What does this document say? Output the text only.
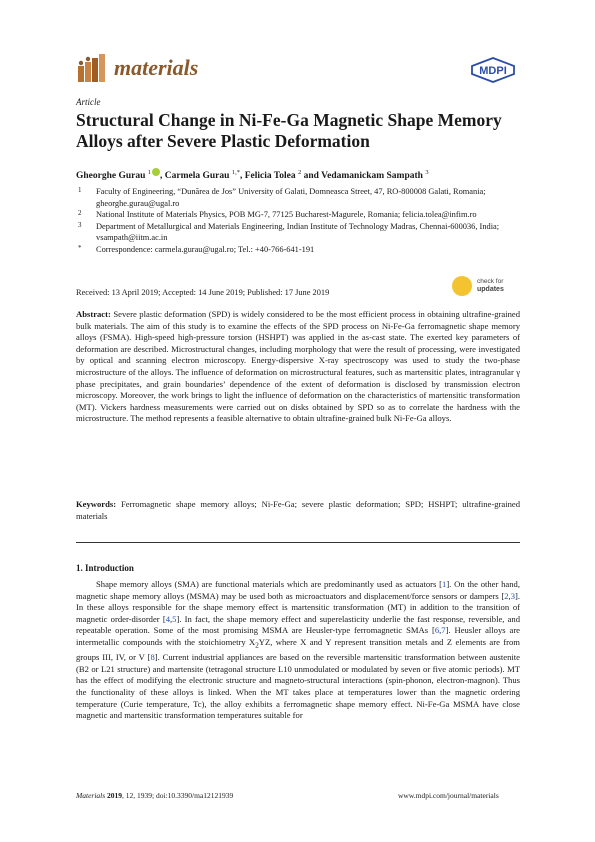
materials	MDPI
Article
Structural Change in Ni-Fe-Ga Magnetic Shape Memory Alloys after Severe Plastic Deformation
Gheorghe Gurau $^1$ , Carmela Gurau $^{1,*}$, Felicia Tolea $^2$ and Vedamanickam Sampath $^3$
1 Faculty of Engineering, “Dunărea de Jos” University of Galati, Domneasca Street, 47, RO-800008 Galati, Romania; gheorghe.gurau@ugal.ro
2 National Institute of Materials Physics, POB MG-7, 77125 Bucharest-Magurele, Romania; felicia.tolea@infim.ro
3 Department of Metallurgical and Materials Engineering, Indian Institute of Technology Madras, Chennai-600036, India; vsampath@iitm.ac.in
* Correspondence: carmela.gurau@ugal.ro; Tel.: +40-766-641-191
check for
updates
Received: 13 April 2019; Accepted: 14 June 2019; Published: 17 June 2019
Abstract: Severe plastic deformation (SPD) is widely considered to be the most efficient process in obtaining ultrafine-grained bulk materials. The aim of this study is to examine the effects of the SPD process on Ni-Fe-Ga ferromagnetic shape memory alloys (FSMA). High-speed high-pressure torsion (HSHPT) was applied in the as-cast state. The exerted key parameters of deformation are described. Microstructural changes, including morphology that were the result of processing, were investigated by optical and scanning electron microscopy. Energy-dispersive X-ray spectroscopy was used to study the two-phase microstructure of the alloys. The influence of deformation on microstructural features, such as martensitic plates, intragranular γ phase precipitates, and grain boundaries’ dependence of the extent of deformation is disclosed by transmission electron microscopy. Moreover, the work brings to light the influence of deformation on the characteristics of martensitic transformation (MT). Vickers hardness measurements were carried out on disks obtained by SPD so as to correlate the hardness with the microstructure. The method represents a feasible alternative to obtain ultrafine-grained bulk Ni-Fe-Ga alloys.
Keywords: Ferromagnetic shape memory alloys; Ni-Fe-Ga; severe plastic deformation; SPD; HSHPT; ultrafine-grained materials
1. Introduction
Shape memory alloys (SMA) are functional materials which are predominantly used as actuators [1]. On the other hand, magnetic shape memory alloys (MSMA) may be used both as microactuators and displacement/force sensors or dampers [2,3]. In these alloys responsible for the shape memory effect is martensitic transformation (MT) in addition to the transition of magnetic order-disorder [4,5]. In fact, the shape memory effect and superelasticity underlie the fast response, reversible, and repeatable operation. Some of the most promising MSMA are Heusler-type ferromagnetic SMAs [6,7]. Heusler alloys are intermetallic compounds with the stoichiometry $X_2YZ$, where X and Y represent transition metals and Z elements are from groups III, IV, or V [8]. Current industrial appliances are based on the reversible martensitic transformation between austenite (B2 or L21 structure) and martensite (tetragonal structure L10 unmodulated or modulated by seven or five atomic periods). MT has the effect of modifying the electronic structure and magneto-structural interactions (spin-phonon, electron-magnon). Thus the functionality of these alloys is linked. When the MT takes place at temperatures lower than the magnetic ordering temperature (Curie temperature, Tc), the alloy exhibits a ferromagnetic shape memory effect. Ni-Fe-Ga MSMA have close magnetic and martensitic transformation temperatures suitable for
Materials 2019, 12, 1939; doi:10.3390/ma12121939	www.mdpi.com/journal/materials
